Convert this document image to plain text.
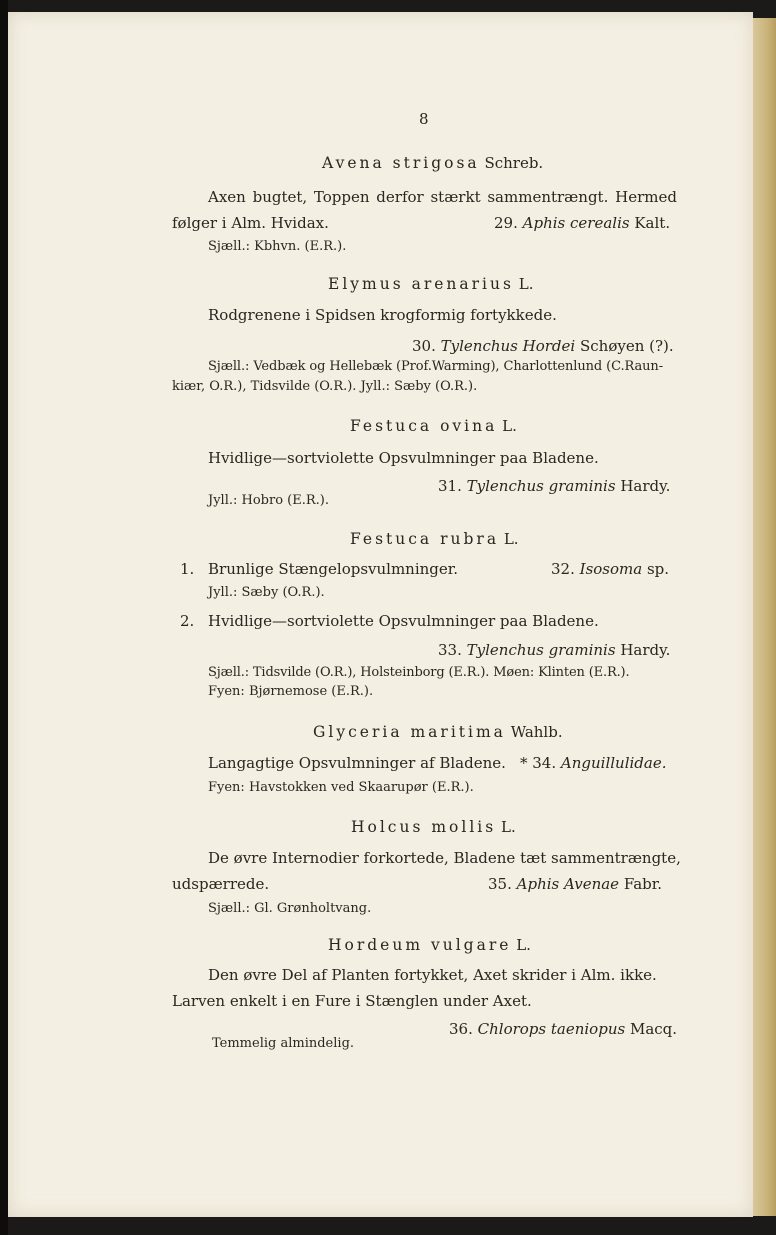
8
Avena strigosa Schreb.
Axen bugtet, Toppen derfor stærkt sammentrængt. Hermed
følger i Alm. Hvidax.	29. Aphis cerealis Kalt.
Sjæll.: Kbhvn. (E.R.).
Elymus arenarius L.
Rodgrenene i Spidsen krogformig fortykkede.
30. Tylenchus Hordei Schøyen (?).
Sjæll.: Vedbæk og Hellebæk (Prof.Warming), Charlottenlund (C.Raun-
kiær, O.R.), Tidsvilde (O.R.). Jyll.: Sæby (O.R.).
Festuca ovina L.
Hvidlige—sortviolette Opsvulmninger paa Bladene.
31. Tylenchus graminis Hardy.
Jyll.: Hobro (E.R.).
Festuca rubra L.
1. Brunlige Stængelopsvulmninger.	32. Isosoma sp.
Jyll.: Sæby (O.R.).
2. Hvidlige—sortviolette Opsvulmninger paa Bladene.
33. Tylenchus graminis Hardy.
Sjæll.: Tidsvilde (O.R.), Holsteinborg (E.R.). Møen: Klinten (E.R.).
Fyen: Bjørnemose (E.R.).
Glyceria maritima Wahlb.
Langagtige Opsvulmninger af Bladene. * 34. Anguillulidae.
Fyen: Havstokken ved Skaarupør (E.R.).
Holcus mollis L.
De øvre Internodier forkortede, Bladene tæt sammentrængte,
udspærrede.	35. Aphis Avenae Fabr.
Sjæll.: Gl. Grønholtvang.
Hordeum vulgare L.
Den øvre Del af Planten fortykket, Axet skrider i Alm. ikke.
Larven enkelt i en Fure i Stænglen under Axet.
36. Chlorops taeniopus Macq.
Temmelig almindelig.
